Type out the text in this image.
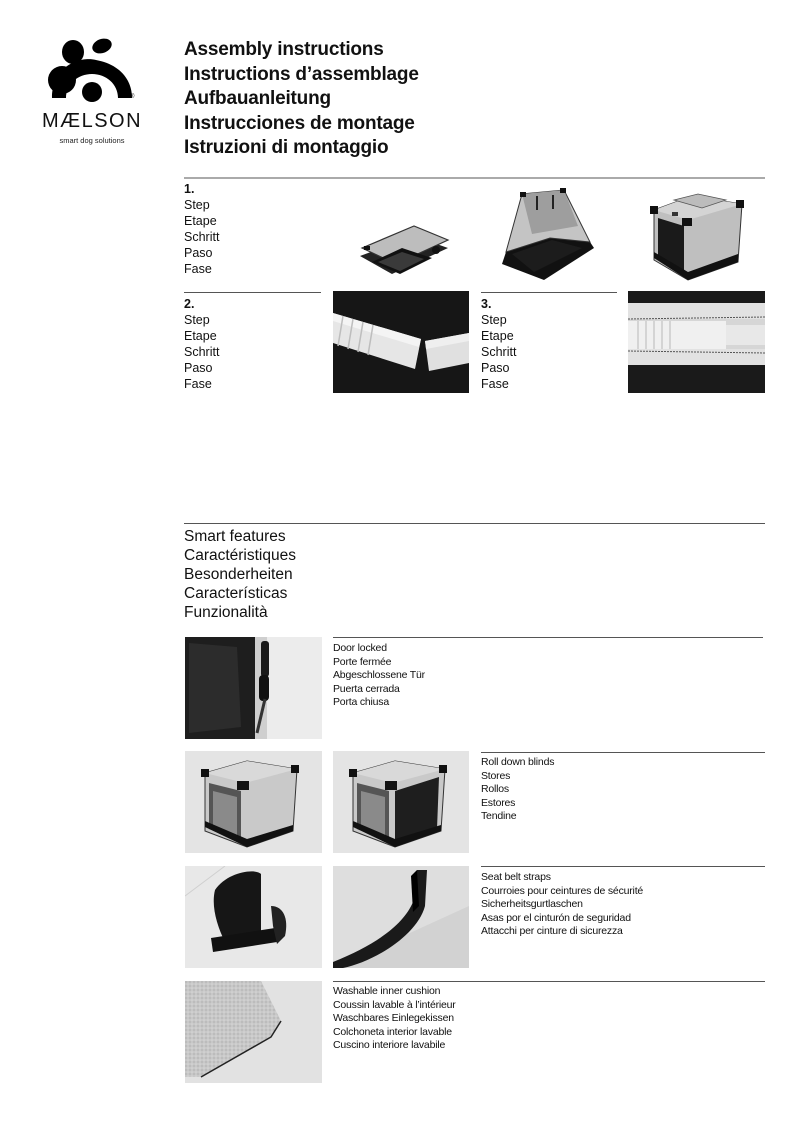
®
MÆLSON
smart dog solutions
Assembly instructions
Instructions d’assemblage
Aufbauanleitung
Instrucciones de montage
Istruzioni di montaggio
1.
Step
Etape
Schritt
Paso
Fase
2.
Step
Etape
Schritt
Paso
Fase
3.
Step
Etape
Schritt
Paso
Fase
Smart features
Caractéristiques
Besonderheiten
Características
Funzionalità
Door locked
Porte fermée
Abgeschlossene Tür
Puerta cerrada
Porta chiusa
Roll down blinds
Stores
Rollos
Estores
Tendine
Seat belt straps
Courroies pour ceintures de sécurité
Sicherheitsgurtlaschen
Asas por el cinturón de seguridad
Attacchi per cinture di sicurezza
Washable inner cushion
Coussin lavable à l’intérieur
Waschbares Einlegekissen
Colchoneta interior lavable
Cuscino interiore lavabile
